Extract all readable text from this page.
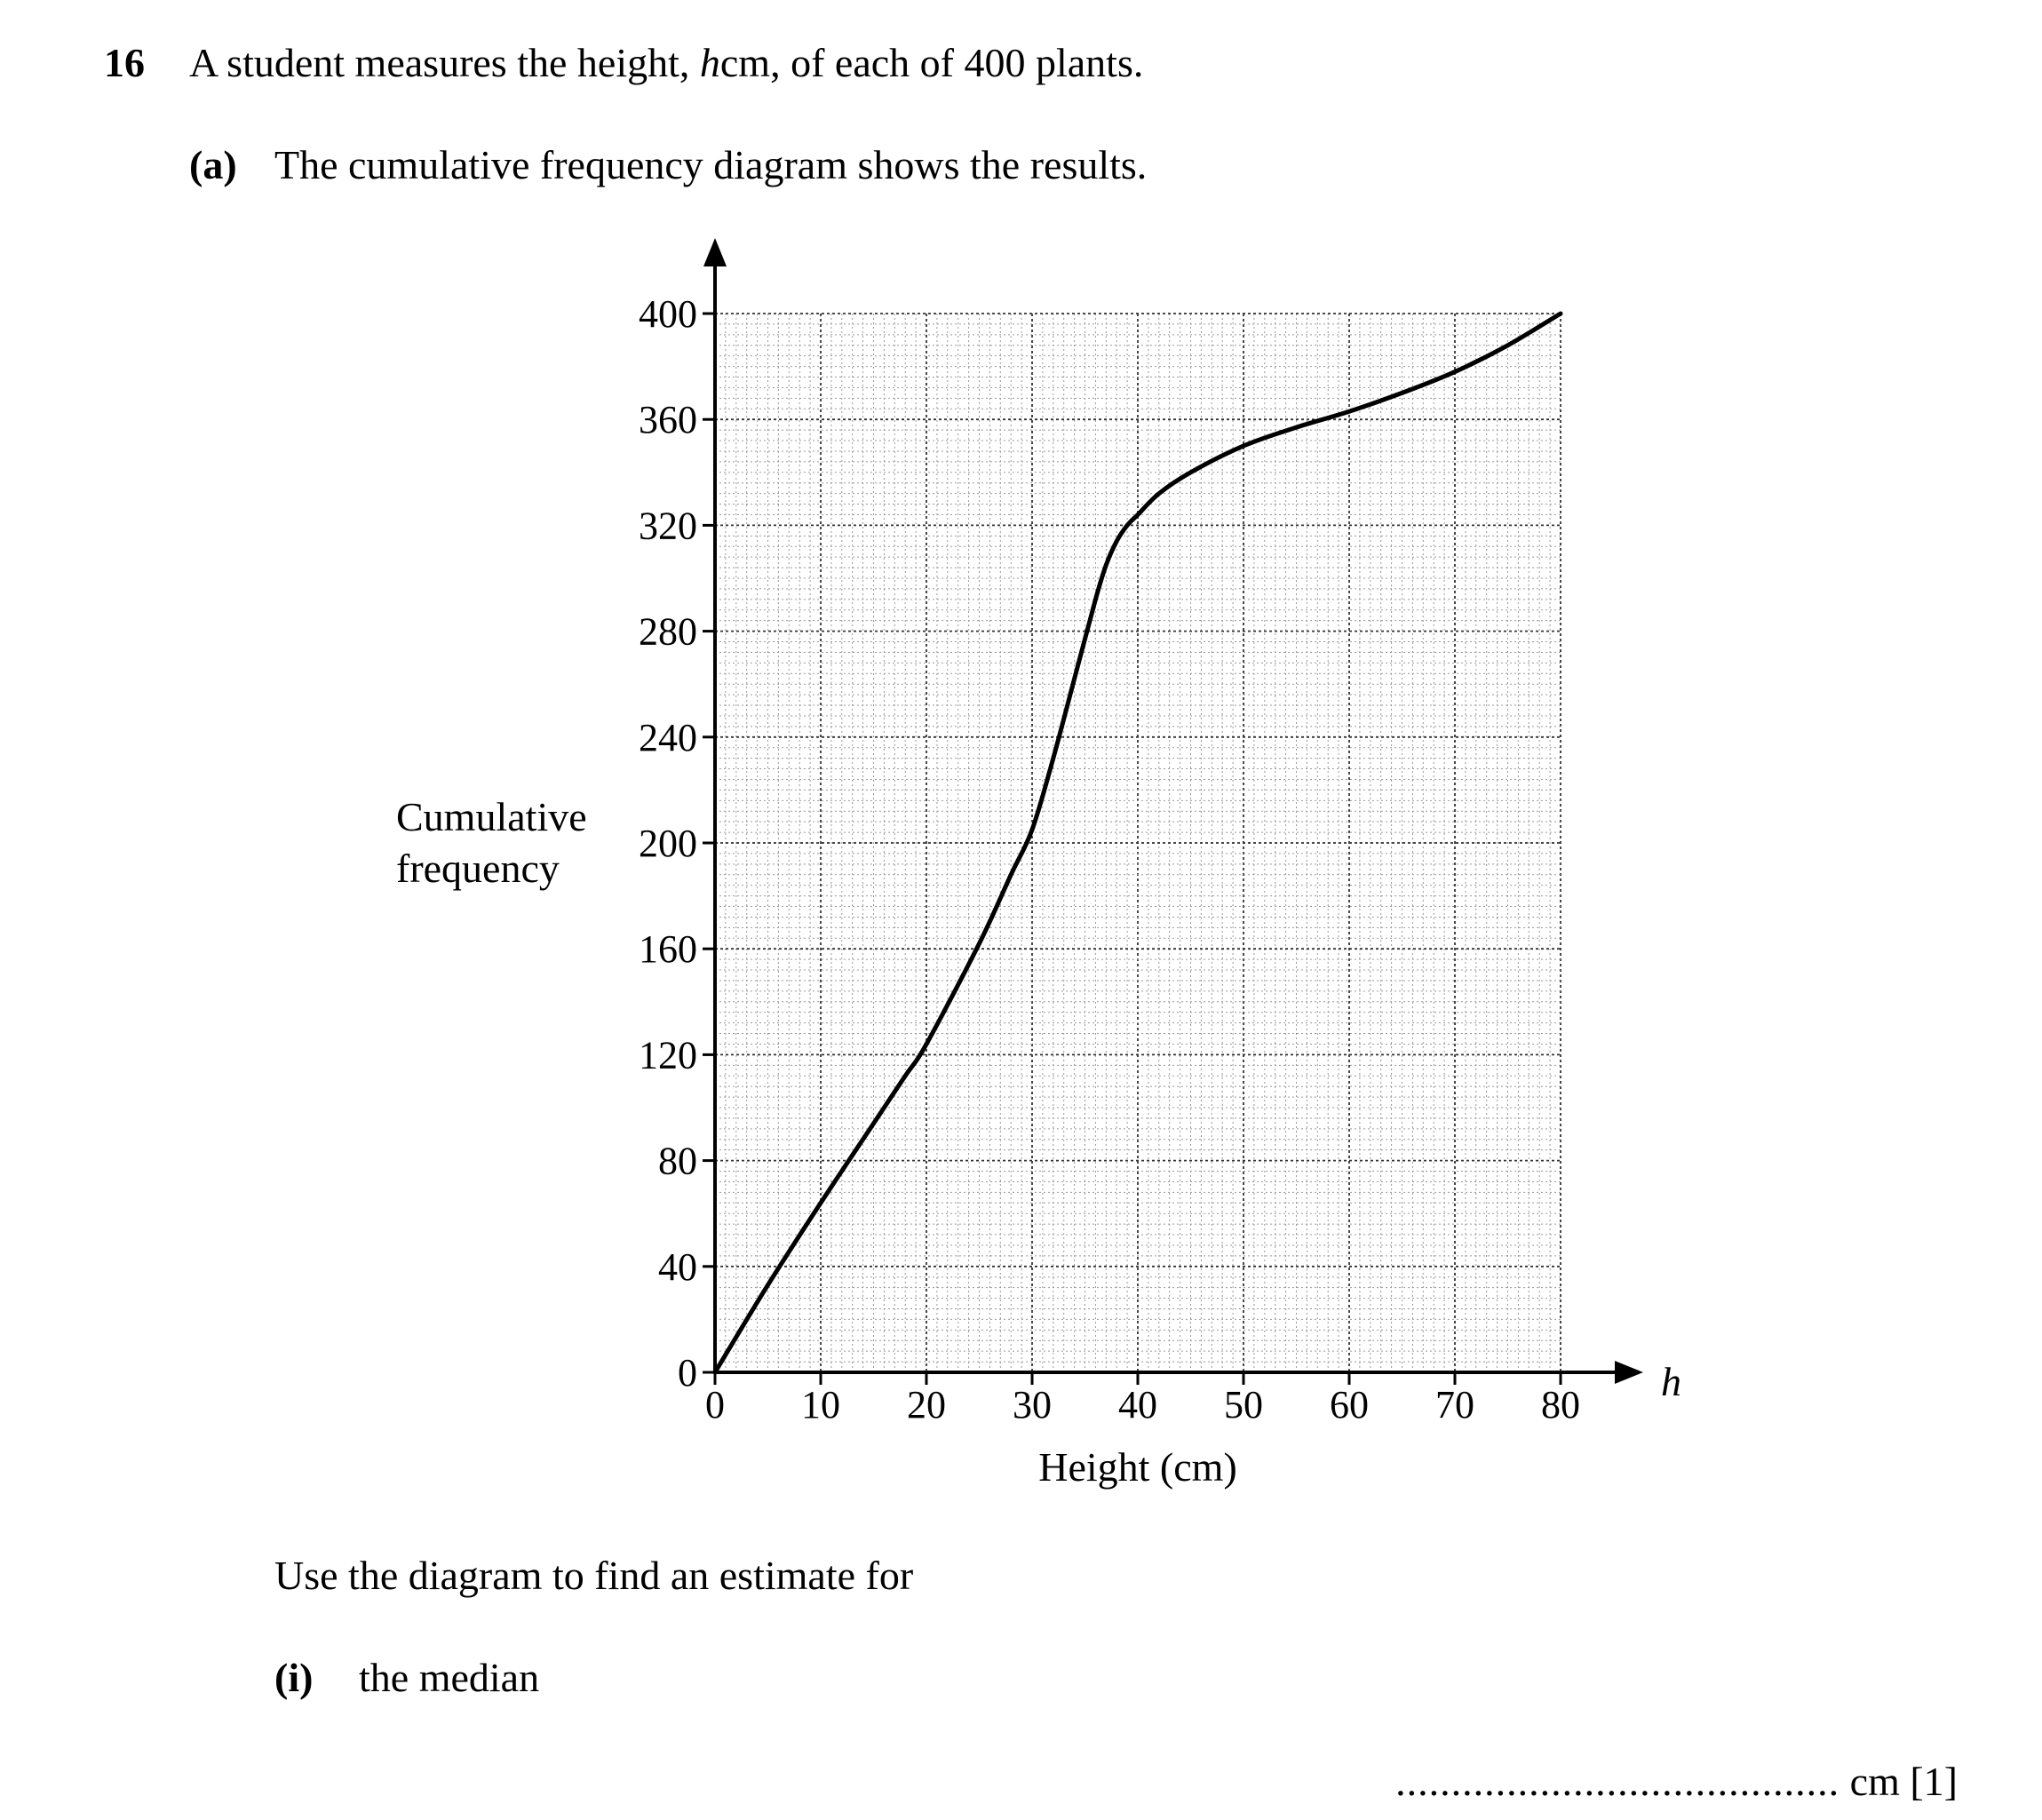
16 A student measures the height, hcm, of each of 400 plants.
(a) The cumulative frequency diagram shows the results.
h
0
40
80
120
160
200
240
280
320
360
400
0 10 20 30 40 50 60 70 80
Height (cm)
Cumulative frequency
Use the diagram to find an estimate for
(i) the median
........................................ cm [1]
